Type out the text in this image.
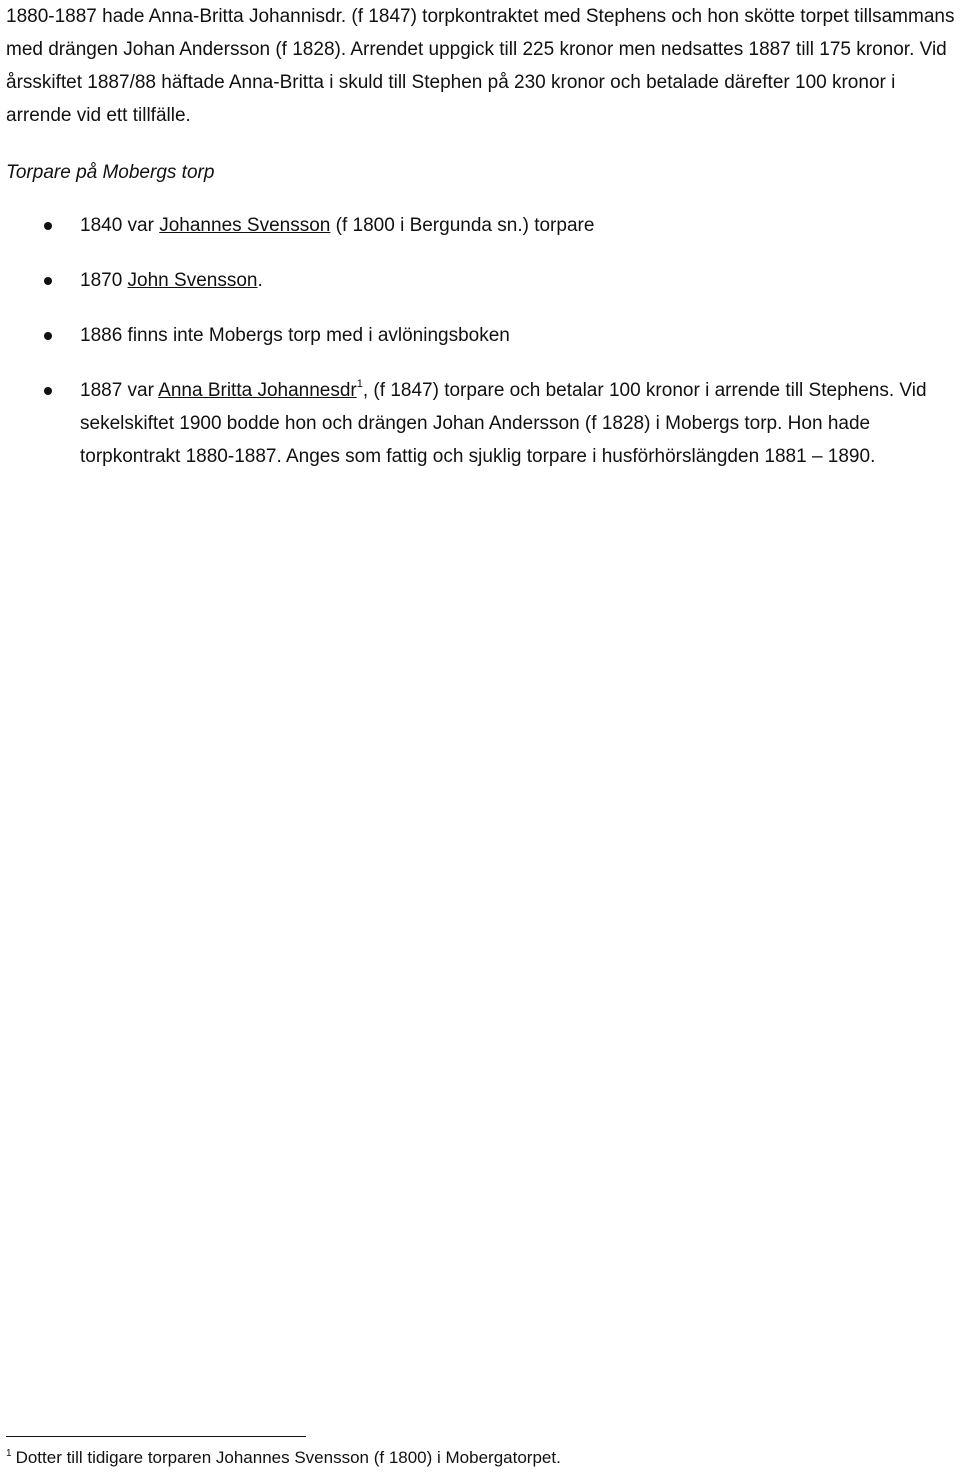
1880-1887 hade Anna-Britta Johannisdr. (f 1847) torpkontraktet med Stephens och hon skötte torpet tillsammans med drängen Johan Andersson (f 1828). Arrendet uppgick till 225 kronor men nedsattes 1887 till 175 kronor. Vid årsskiftet 1887/88 häftade Anna-Britta i skuld till Stephen på 230 kronor och betalade därefter 100 kronor i arrende vid ett tillfälle.

Torpare på Mobergs torp

1840 var Johannes Svensson (f 1800 i Bergunda sn.) torpare
1870 John Svensson.
1886 finns inte Mobergs torp med i avlöningsboken
1887 var Anna Britta Johannesdr$^1$, (f 1847) torpare och betalar 100 kronor i arrende till Stephens. Vid sekelskiftet 1900 bodde hon och drängen Johan Andersson (f 1828) i Mobergs torp. Hon hade torpkontrakt 1880-1887. Anges som fattig och sjuklig torpare i husförhörslängden 1881 – 1890.
$^1$ Dotter till tidigare torparen Johannes Svensson (f 1800) i Mobergatorpet.
